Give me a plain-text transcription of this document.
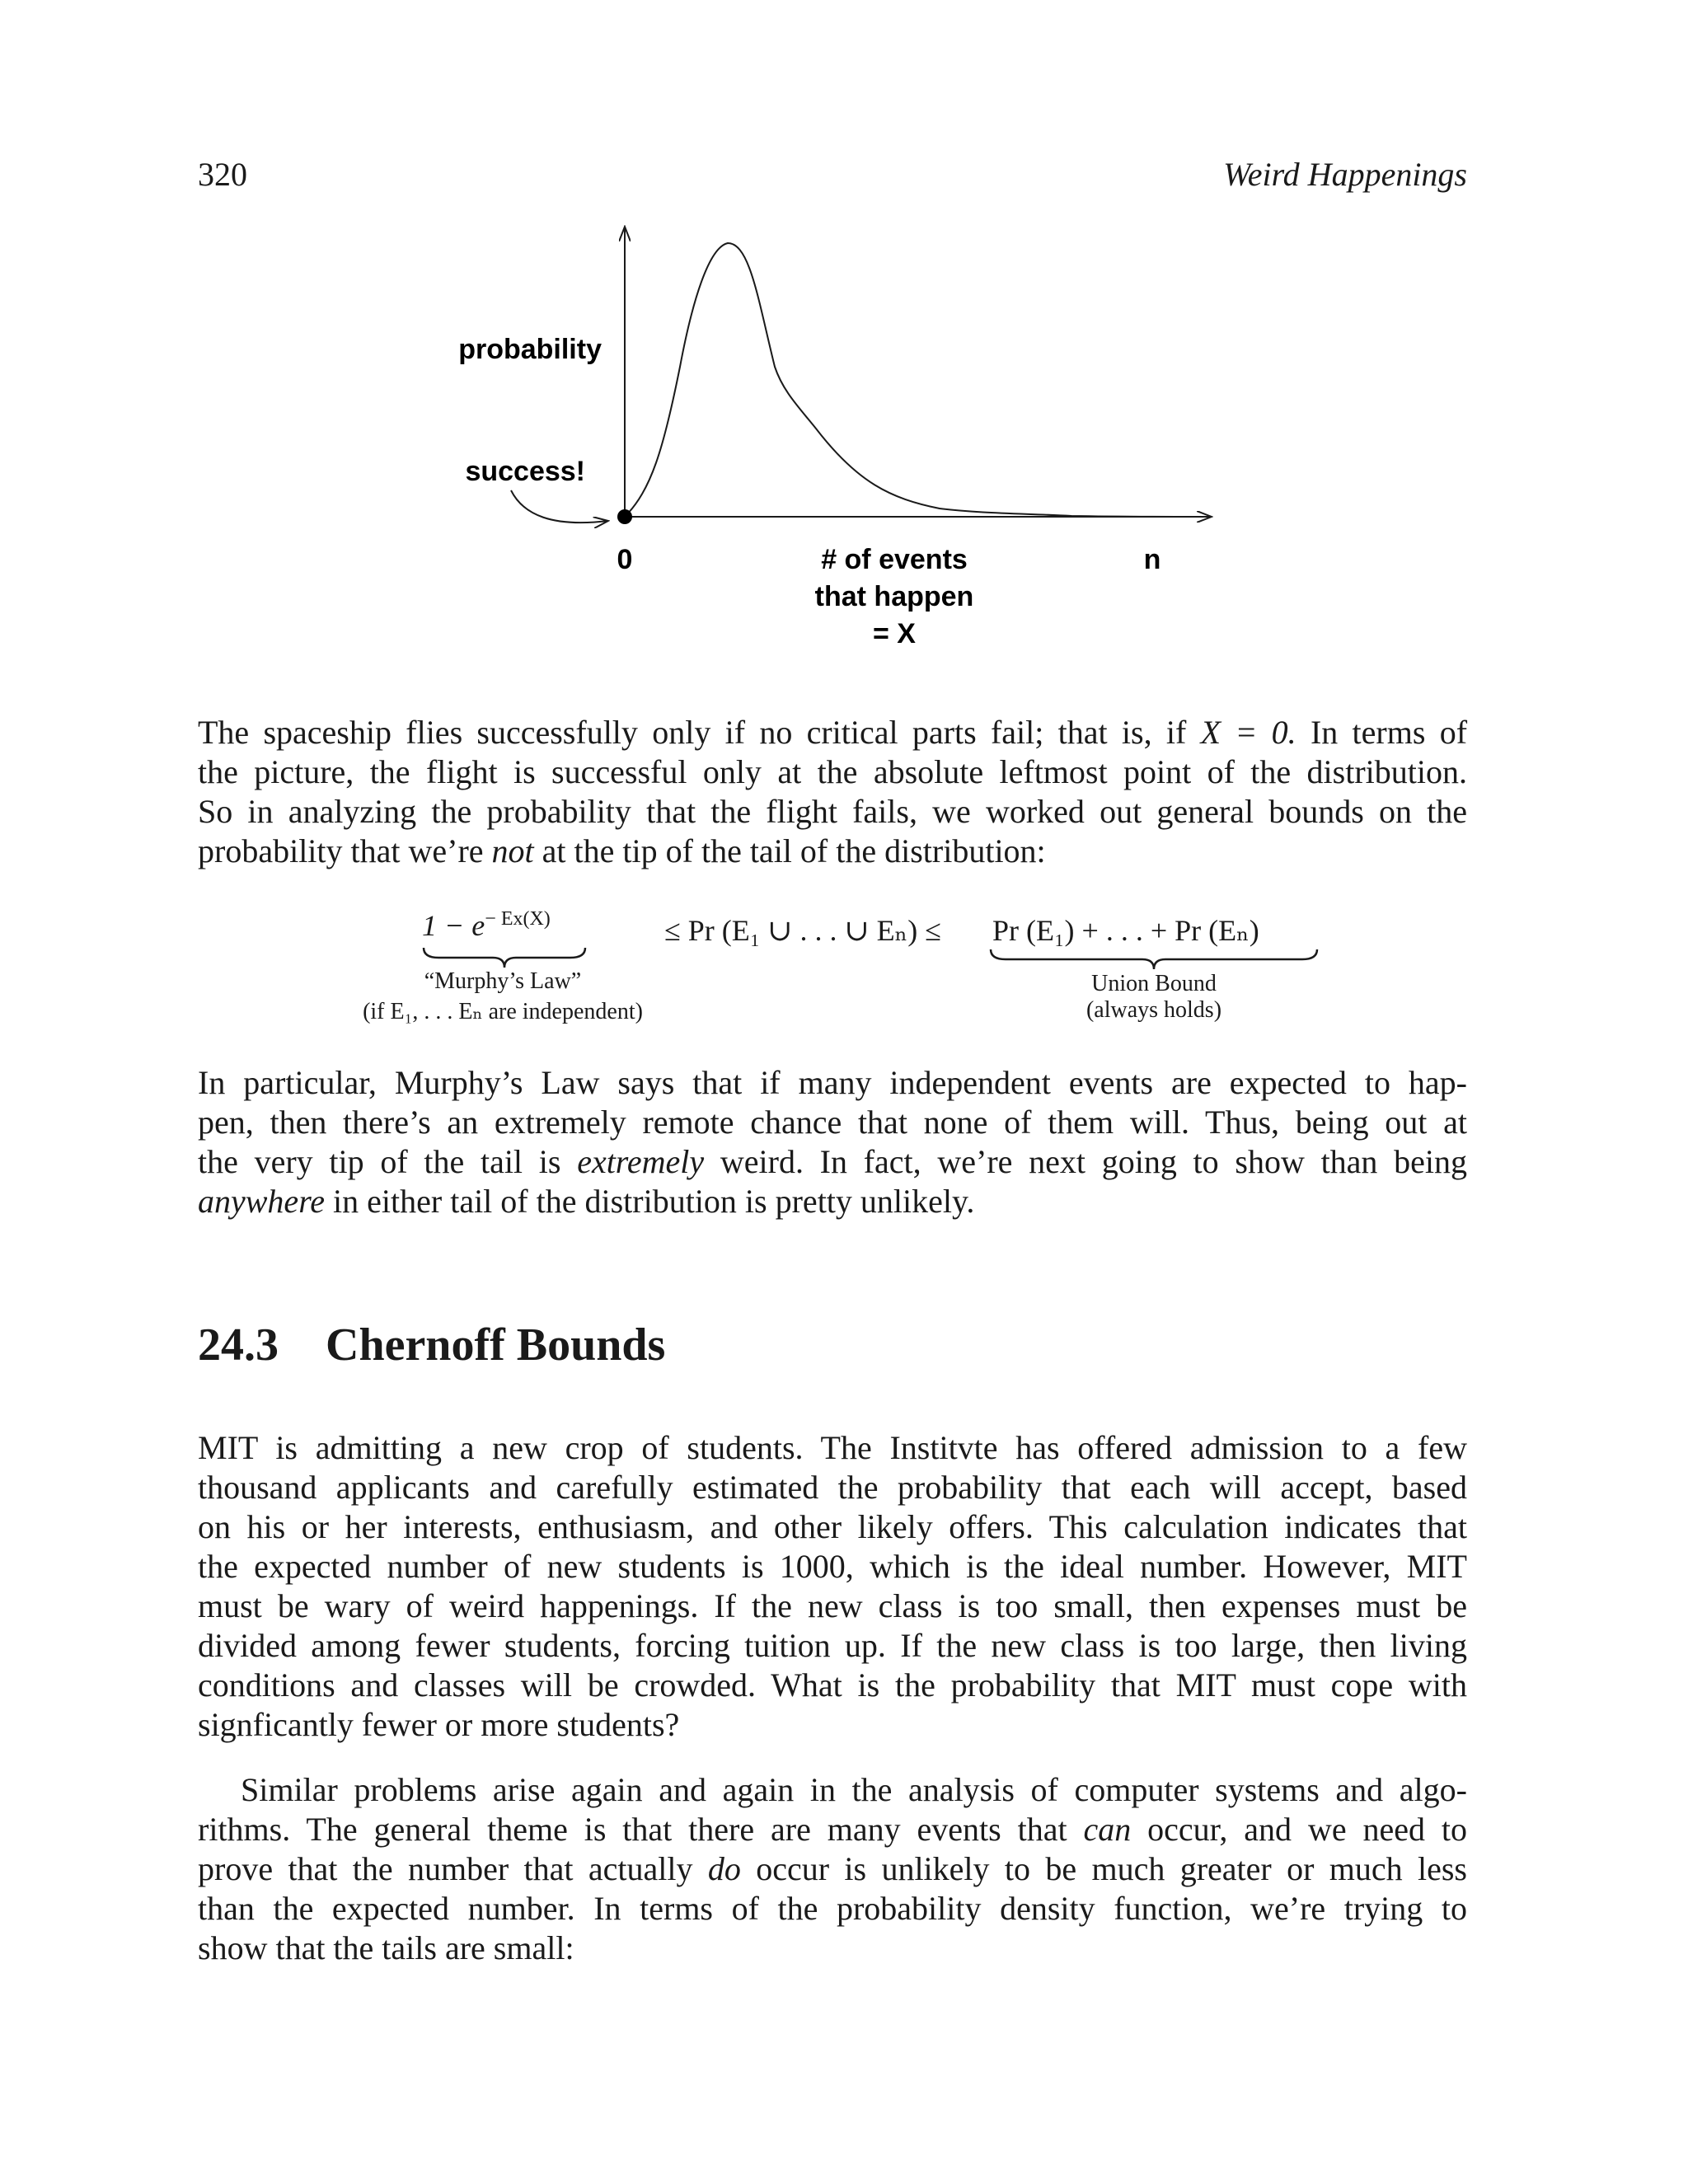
320	Weird Happenings
probability
success!
0	# of events
that happen
= X
n
The spaceship flies successfully only if no critical parts fail; that is, if X = 0. In terms of
the picture, the flight is successful only at the absolute leftmost point of the distribution.
So in analyzing the probability that the flight fails, we worked out general bounds on the
probability that we’re not at the tip of the tail of the distribution:
$1 - e^{- Ex(X)}$
“Murphy’s Law”
(if E₁, . . . Eₙ are independent)
≤ Pr (E₁ ∪ . . . ∪ Eₙ) ≤ Pr (E₁) + . . . + Pr (Eₙ)
Union Bound
(always holds)
In particular, Murphy’s Law says that if many independent events are expected to hap-
pen, then there’s an extremely remote chance that none of them will. Thus, being out at
the very tip of the tail is extremely weird. In fact, we’re next going to show than being
anywhere in either tail of the distribution is pretty unlikely.
24.3 Chernoff Bounds
MIT is admitting a new crop of students. The Institvte has offered admission to a few
thousand applicants and carefully estimated the probability that each will accept, based
on his or her interests, enthusiasm, and other likely offers. This calculation indicates that
the expected number of new students is 1000, which is the ideal number. However, MIT
must be wary of weird happenings. If the new class is too small, then expenses must be
divided among fewer students, forcing tuition up. If the new class is too large, then living
conditions and classes will be crowded. What is the probability that MIT must cope with
signficantly fewer or more students?
Similar problems arise again and again in the analysis of computer systems and algo-
rithms. The general theme is that there are many events that can occur, and we need to
prove that the number that actually do occur is unlikely to be much greater or much less
than the expected number. In terms of the probability density function, we’re trying to
show that the tails are small:
